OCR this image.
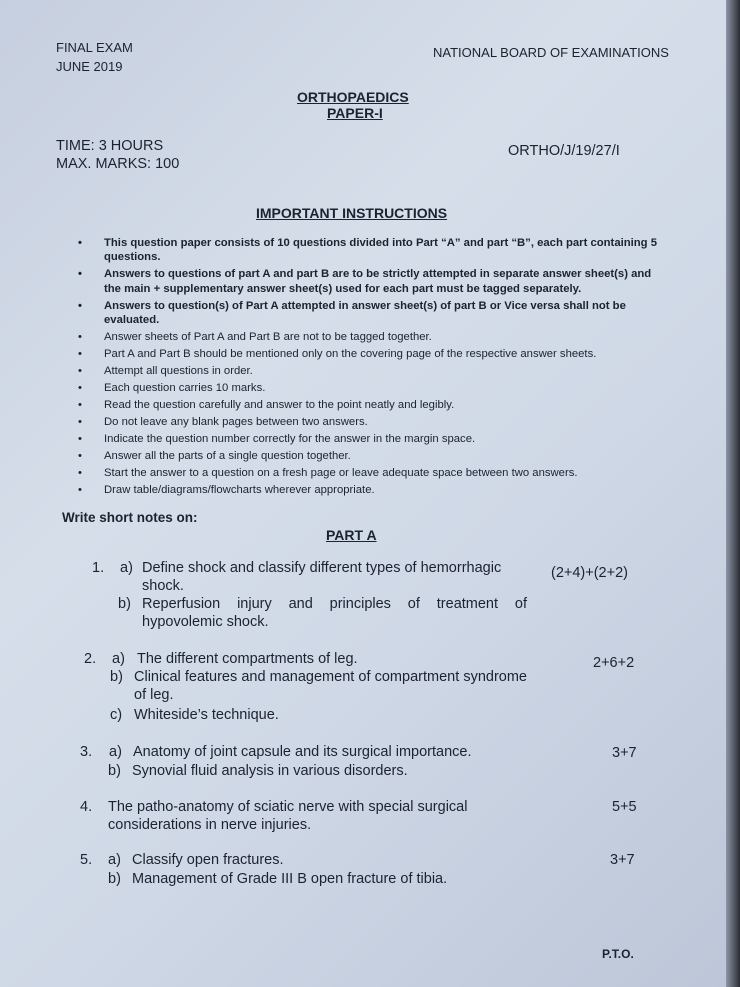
FINAL EXAM
JUNE 2019
NATIONAL BOARD OF EXAMINATIONS
ORTHOPAEDICS
PAPER-I
TIME: 3 HOURS
MAX. MARKS: 100
ORTHO/J/19/27/I
IMPORTANT INSTRUCTIONS
• This question paper consists of 10 questions divided into Part “A” and part “B”, each part containing 5 questions.
• Answers to questions of part A and part B are to be strictly attempted in separate answer sheet(s) and the main + supplementary answer sheet(s) used for each part must be tagged separately.
• Answers to question(s) of Part A attempted in answer sheet(s) of part B or Vice versa shall not be evaluated.
• Answer sheets of Part A and Part B are not to be tagged together.
• Part A and Part B should be mentioned only on the covering page of the respective answer sheets.
• Attempt all questions in order.
• Each question carries 10 marks.
• Read the question carefully and answer to the point neatly and legibly.
• Do not leave any blank pages between two answers.
• Indicate the question number correctly for the answer in the margin space.
• Answer all the parts of a single question together.
• Start the answer to a question on a fresh page or leave adequate space between two answers.
• Draw table/diagrams/flowcharts wherever appropriate.
Write short notes on:
PART A
1. a) Define shock and classify different types of hemorrhagic shock.
b) Reperfusion injury and principles of treatment of hypovolemic shock.
(2+4)+(2+2)
2. a) The different compartments of leg.
b) Clinical features and management of compartment syndrome of leg.
c) Whiteside’s technique.
2+6+2
3. a) Anatomy of joint capsule and its surgical importance.
b) Synovial fluid analysis in various disorders.
3+7
4. The patho-anatomy of sciatic nerve with special surgical considerations in nerve injuries.
5+5
5. a) Classify open fractures.
b) Management of Grade III B open fracture of tibia.
3+7
P.T.O.
